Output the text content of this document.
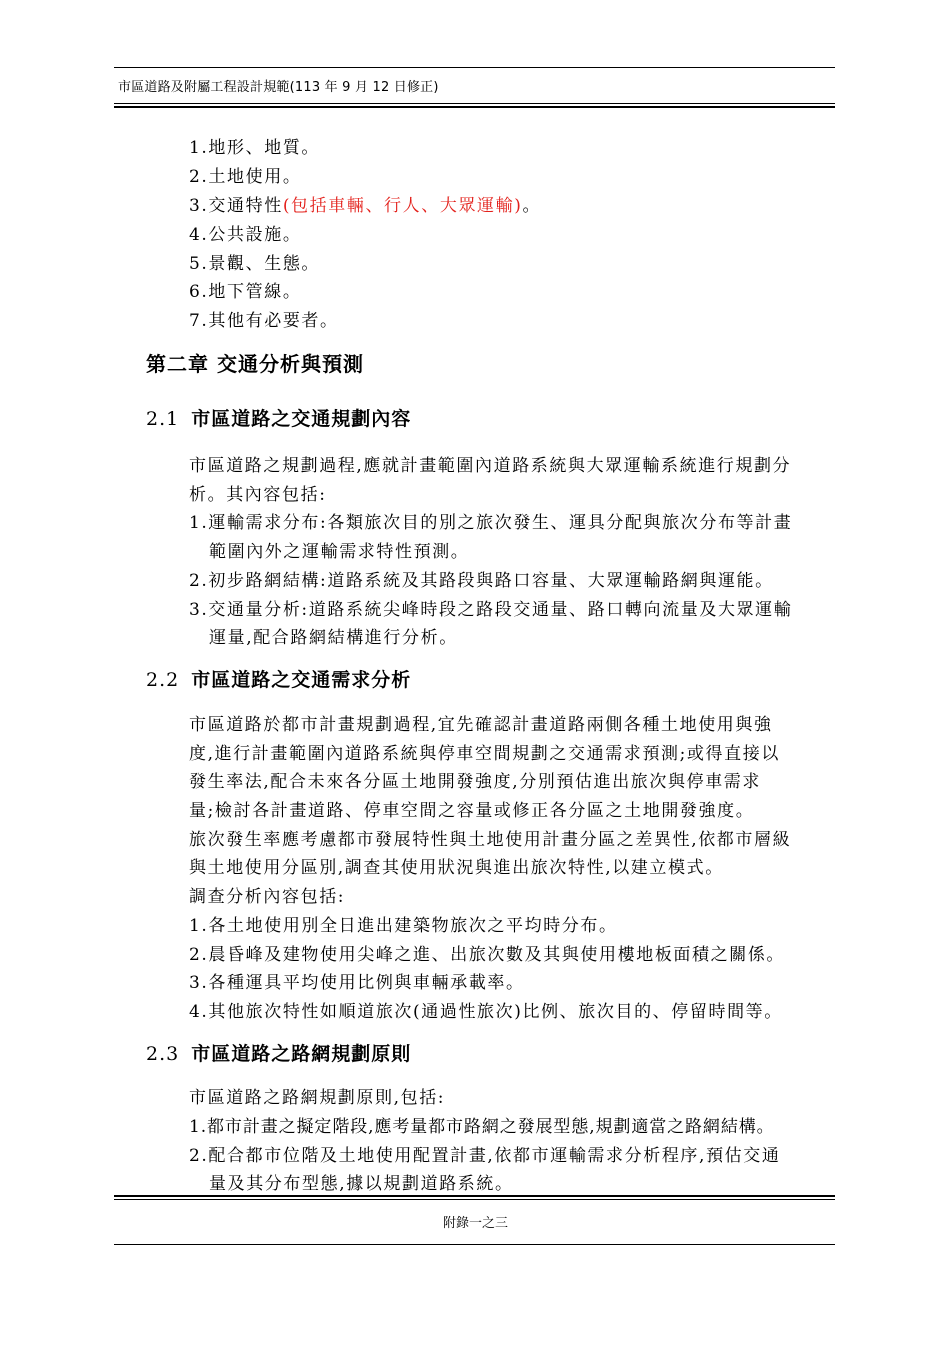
市區道路及附屬工程設計規範(113 年 9 月 12 日修正)
1.地形、地質。
2.土地使用。
3.交通特性(包括車輛、行人、大眾運輸)。
4.公共設施。
5.景觀、生態。
6.地下管線。
7.其他有必要者。
第二章 交通分析與預測
2.1 市區道路之交通規劃內容
市區道路之規劃過程,應就計畫範圍內道路系統與大眾運輸系統進行規劃分
析。其內容包括:
1.運輸需求分布:各類旅次目的別之旅次發生、運具分配與旅次分布等計畫
範圍內外之運輸需求特性預測。
2.初步路網結構:道路系統及其路段與路口容量、大眾運輸路網與運能。
3.交通量分析:道路系統尖峰時段之路段交通量、路口轉向流量及大眾運輸
運量,配合路網結構進行分析。
2.2 市區道路之交通需求分析
市區道路於都市計畫規劃過程,宜先確認計畫道路兩側各種土地使用與強
度,進行計畫範圍內道路系統與停車空間規劃之交通需求預測;或得直接以
發生率法,配合未來各分區土地開發強度,分別預估進出旅次與停車需求
量;檢討各計畫道路、停車空間之容量或修正各分區之土地開發強度。
旅次發生率應考慮都市發展特性與土地使用計畫分區之差異性,依都市層級
與土地使用分區別,調查其使用狀況與進出旅次特性,以建立模式。
調查分析內容包括:
1.各土地使用別全日進出建築物旅次之平均時分布。
2.晨昏峰及建物使用尖峰之進、出旅次數及其與使用樓地板面積之關係。
3.各種運具平均使用比例與車輛承載率。
4.其他旅次特性如順道旅次(通過性旅次)比例、旅次目的、停留時間等。
2.3 市區道路之路網規劃原則
市區道路之路網規劃原則,包括:
1.都市計畫之擬定階段,應考量都市路網之發展型態,規劃適當之路網結構。
2.配合都市位階及土地使用配置計畫,依都市運輸需求分析程序,預估交通
量及其分布型態,據以規劃道路系統。
附錄一之三
